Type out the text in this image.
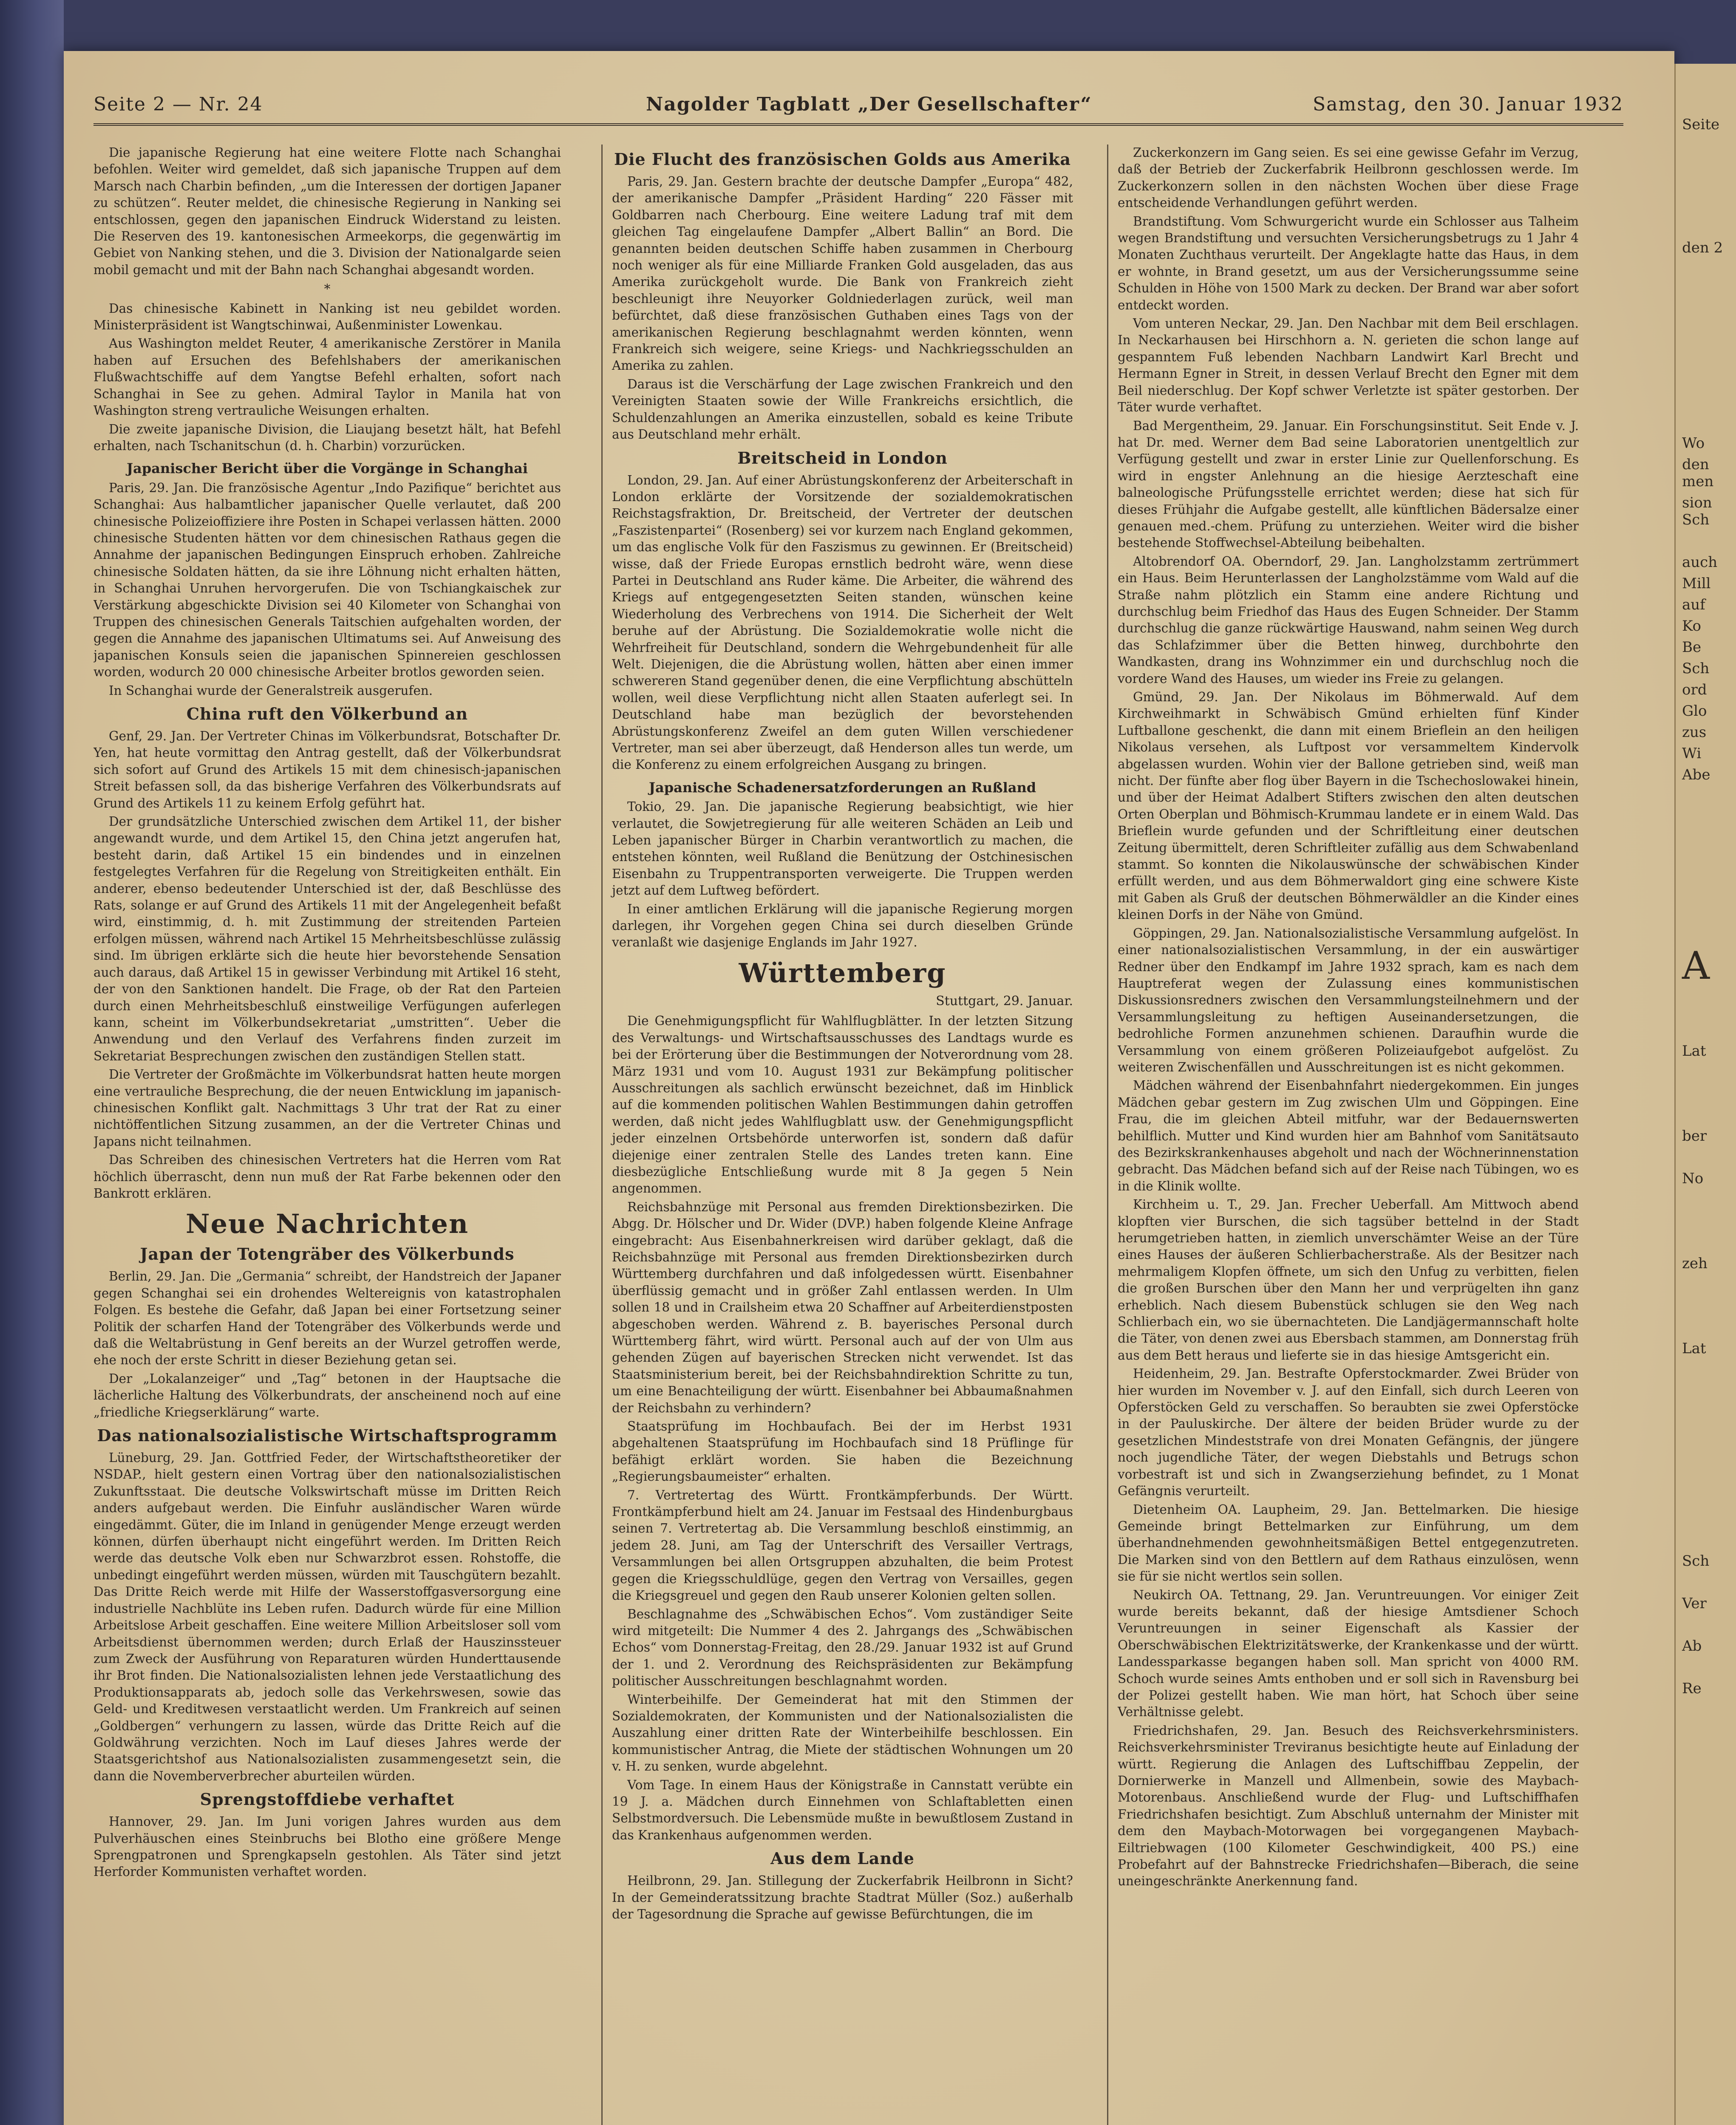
Seite 2 — Nr. 24	Nagolder Tagblatt „Der Gesellschafter“	Samstag, den 30. Januar 1932

Die japanische Regierung hat eine weitere Flotte nach Schanghai befohlen. Weiter wird gemeldet, daß sich japanische Truppen auf dem Marsch nach Charbin befinden, „um die Interessen der dortigen Japaner zu schützen“. Reuter meldet, die chinesische Regierung in Nanking sei entschlossen, gegen den japanischen Eindruck Widerstand zu leisten. Die Reserven des 19. kantonesischen Armeekorps, die gegenwärtig im Gebiet von Nanking stehen, und die 3. Division der Nationalgarde seien mobil gemacht und mit der Bahn nach Schanghai abgesandt worden.

*

Das chinesische Kabinett in Nanking ist neu gebildet worden. Ministerpräsident ist Wangtschinwai, Außenminister Lowenkau.

Aus Washington meldet Reuter, 4 amerikanische Zerstörer in Manila haben auf Ersuchen des Befehlshabers der amerikanischen Flußwachtschiffe auf dem Yangtse Befehl erhalten, sofort nach Schanghai in See zu gehen. Admiral Taylor in Manila hat von Washington streng vertrauliche Weisungen erhalten.

Die zweite japanische Division, die Liaujang besetzt hält, hat Befehl erhalten, nach Tschanitschun (d. h. Charbin) vorzurücken.

Japanischer Bericht über die Vorgänge in Schanghai

Paris, 29. Jan. Die französische Agentur „Indo Pazifique“ berichtet aus Schanghai: Aus halbamtlicher japanischer Quelle verlautet, daß 200 chinesische Polizeioffiziere ihre Posten in Schapei verlassen hätten. 2000 chinesische Studenten hätten vor dem chinesischen Rathaus gegen die Annahme der japanischen Bedingungen Einspruch erhoben. Zahlreiche chinesische Soldaten hätten, da sie ihre Löhnung nicht erhalten hätten, in Schanghai Unruhen hervorgerufen. Die von Tschiangkaischek zur Verstärkung abgeschickte Division sei 40 Kilometer von Schanghai von Truppen des chinesischen Generals Taitschien aufgehalten worden, der gegen die Annahme des japanischen Ultimatums sei. Auf Anweisung des japanischen Konsuls seien die japanischen Spinnereien geschlossen worden, wodurch 20 000 chinesische Arbeiter brotlos geworden seien.

In Schanghai wurde der Generalstreik ausgerufen.

China ruft den Völkerbund an

Genf, 29. Jan. Der Vertreter Chinas im Völkerbundsrat, Botschafter Dr. Yen, hat heute vormittag den Antrag gestellt, daß der Völkerbundsrat sich sofort auf Grund des Artikels 15 mit dem chinesisch-japanischen Streit befassen soll, da das bisherige Verfahren des Völkerbundsrats auf Grund des Artikels 11 zu keinem Erfolg geführt hat.

Der grundsätzliche Unterschied zwischen dem Artikel 11, der bisher angewandt wurde, und dem Artikel 15, den China jetzt angerufen hat, besteht darin, daß Artikel 15 ein bindendes und in einzelnen festgelegtes Verfahren für die Regelung von Streitigkeiten enthält. Ein anderer, ebenso bedeutender Unterschied ist der, daß Beschlüsse des Rats, solange er auf Grund des Artikels 11 mit der Angelegenheit befaßt wird, einstimmig, d. h. mit Zustimmung der streitenden Parteien erfolgen müssen, während nach Artikel 15 Mehrheitsbeschlüsse zulässig sind. Im übrigen erklärte sich die heute hier bevorstehende Sensation auch daraus, daß Artikel 15 in gewisser Verbindung mit Artikel 16 steht, der von den Sanktionen handelt. Die Frage, ob der Rat den Parteien durch einen Mehrheitsbeschluß einstweilige Verfügungen auferlegen kann, scheint im Völkerbundsekretariat „umstritten“. Ueber die Anwendung und den Verlauf des Verfahrens finden zurzeit im Sekretariat Besprechungen zwischen den zuständigen Stellen statt.

Die Vertreter der Großmächte im Völkerbundsrat hatten heute morgen eine vertrauliche Besprechung, die der neuen Entwicklung im japanisch-chinesischen Konflikt galt. Nachmittags 3 Uhr trat der Rat zu einer nichtöffentlichen Sitzung zusammen, an der die Vertreter Chinas und Japans nicht teilnahmen.

Das Schreiben des chinesischen Vertreters hat die Herren vom Rat höchlich überrascht, denn nun muß der Rat Farbe bekennen oder den Bankrott erklären.

Neue Nachrichten
Japan der Totengräber des Völkerbunds

Berlin, 29. Jan. Die „Germania“ schreibt, der Handstreich der Japaner gegen Schanghai sei ein drohendes Weltereignis von katastrophalen Folgen. Es bestehe die Gefahr, daß Japan bei einer Fortsetzung seiner Politik der scharfen Hand der Totengräber des Völkerbunds werde und daß die Weltabrüstung in Genf bereits an der Wurzel getroffen werde, ehe noch der erste Schritt in dieser Beziehung getan sei.

Der „Lokalanzeiger“ und „Tag“ betonen in der Hauptsache die lächerliche Haltung des Völkerbundrats, der anscheinend noch auf eine „friedliche Kriegserklärung“ warte.

Das nationalsozialistische Wirtschaftsprogramm

Lüneburg, 29. Jan. Gottfried Feder, der Wirtschaftstheoretiker der NSDAP., hielt gestern einen Vortrag über den nationalsozialistischen Zukunftsstaat. Die deutsche Volkswirtschaft müsse im Dritten Reich anders aufgebaut werden. Die Einfuhr ausländischer Waren würde eingedämmt. Güter, die im Inland in genügender Menge erzeugt werden können, dürfen überhaupt nicht eingeführt werden. Im Dritten Reich werde das deutsche Volk eben nur Schwarzbrot essen. Rohstoffe, die unbedingt eingeführt werden müssen, würden mit Tauschgütern bezahlt. Das Dritte Reich werde mit Hilfe der Wasserstoffgasversorgung eine industrielle Nachblüte ins Leben rufen. Dadurch würde für eine Million Arbeitslose Arbeit geschaffen. Eine weitere Million Arbeitsloser soll vom Arbeitsdienst übernommen werden; durch Erlaß der Hauszinssteuer zum Zweck der Ausführung von Reparaturen würden Hunderttausende ihr Brot finden. Die Nationalsozialisten lehnen jede Verstaatlichung des Produktionsapparats ab, jedoch solle das Verkehrswesen, sowie das Geld- und Kreditwesen verstaatlicht werden. Um Frankreich auf seinen „Goldbergen“ verhungern zu lassen, würde das Dritte Reich auf die Goldwährung verzichten. Noch im Lauf dieses Jahres werde der Staatsgerichtshof aus Nationalsozialisten zusammengesetzt sein, die dann die Novemberverbrecher aburteilen würden.

Sprengstoffdiebe verhaftet

Hannover, 29. Jan. Im Juni vorigen Jahres wurden aus dem Pulverhäuschen eines Steinbruchs bei Blotho eine größere Menge Sprengpatronen und Sprengkapseln gestohlen. Als Täter sind jetzt Herforder Kommunisten verhaftet worden.

Die Flucht des französischen Golds aus Amerika

Paris, 29. Jan. Gestern brachte der deutsche Dampfer „Europa“ 482, der amerikanische Dampfer „Präsident Harding“ 220 Fässer mit Goldbarren nach Cherbourg. Eine weitere Ladung traf mit dem gleichen Tag eingelaufene Dampfer „Albert Ballin“ an Bord. Die genannten beiden deutschen Schiffe haben zusammen in Cherbourg noch weniger als für eine Milliarde Franken Gold ausgeladen, das aus Amerika zurückgeholt wurde. Die Bank von Frankreich zieht beschleunigt ihre Neuyorker Goldniederlagen zurück, weil man befürchtet, daß diese französischen Guthaben eines Tags von der amerikanischen Regierung beschlagnahmt werden könnten, wenn Frankreich sich weigere, seine Kriegs- und Nachkriegsschulden an Amerika zu zahlen.

Daraus ist die Verschärfung der Lage zwischen Frankreich und den Vereinigten Staaten sowie der Wille Frankreichs ersichtlich, die Schuldenzahlungen an Amerika einzustellen, sobald es keine Tribute aus Deutschland mehr erhält.

Breitscheid in London

London, 29. Jan. Auf einer Abrüstungskonferenz der Arbeiterschaft in London erklärte der Vorsitzende der sozialdemokratischen Reichstagsfraktion, Dr. Breitscheid, der Vertreter der deutschen „Faszistenpartei“ (Rosenberg) sei vor kurzem nach England gekommen, um das englische Volk für den Faszismus zu gewinnen. Er (Breitscheid) wisse, daß der Friede Europas ernstlich bedroht wäre, wenn diese Partei in Deutschland ans Ruder käme. Die Arbeiter, die während des Kriegs auf entgegengesetzten Seiten standen, wünschen keine Wiederholung des Verbrechens von 1914. Die Sicherheit der Welt beruhe auf der Abrüstung. Die Sozialdemokratie wolle nicht die Wehrfreiheit für Deutschland, sondern die Wehrgebundenheit für alle Welt. Diejenigen, die die Abrüstung wollen, hätten aber einen immer schwereren Stand gegenüber denen, die eine Verpflichtung abschütteln wollen, weil diese Verpflichtung nicht allen Staaten auferlegt sei. In Deutschland habe man bezüglich der bevorstehenden Abrüstungskonferenz Zweifel an dem guten Willen verschiedener Vertreter, man sei aber überzeugt, daß Henderson alles tun werde, um die Konferenz zu einem erfolgreichen Ausgang zu bringen.

Japanische Schadenersatzforderungen an Rußland

Tokio, 29. Jan. Die japanische Regierung beabsichtigt, wie hier verlautet, die Sowjetregierung für alle weiteren Schäden an Leib und Leben japanischer Bürger in Charbin verantwortlich zu machen, die entstehen könnten, weil Rußland die Benützung der Ostchinesischen Eisenbahn zu Truppentransporten verweigerte. Die Truppen werden jetzt auf dem Luftweg befördert.

In einer amtlichen Erklärung will die japanische Regierung morgen darlegen, ihr Vorgehen gegen China sei durch dieselben Gründe veranlaßt wie dasjenige Englands im Jahr 1927.

Württemberg
Stuttgart, 29. Januar.

Die Genehmigungspflicht für Wahlflugblätter. In der letzten Sitzung des Verwaltungs- und Wirtschaftsausschusses des Landtags wurde es bei der Erörterung über die Bestimmungen der Notverordnung vom 28. März 1931 und vom 10. August 1931 zur Bekämpfung politischer Ausschreitungen als sachlich erwünscht bezeichnet, daß im Hinblick auf die kommenden politischen Wahlen Bestimmungen dahin getroffen werden, daß nicht jedes Wahlflugblatt usw. der Genehmigungspflicht jeder einzelnen Ortsbehörde unterworfen ist, sondern daß dafür diejenige einer zentralen Stelle des Landes treten kann. Eine diesbezügliche Entschließung wurde mit 8 Ja gegen 5 Nein angenommen.

Reichsbahnzüge mit Personal aus fremden Direktionsbezirken. Die Abgg. Dr. Hölscher und Dr. Wider (DVP.) haben folgende Kleine Anfrage eingebracht: Aus Eisenbahnerkreisen wird darüber geklagt, daß die Reichsbahnzüge mit Personal aus fremden Direktionsbezirken durch Württemberg durchfahren und daß infolgedessen württ. Eisenbahner überflüssig gemacht und in größer Zahl entlassen werden. In Ulm sollen 18 und in Crailsheim etwa 20 Schaffner auf Arbeiterdienstposten abgeschoben werden. Während z. B. bayerisches Personal durch Württemberg fährt, wird württ. Personal auch auf der von Ulm aus gehenden Zügen auf bayerischen Strecken nicht verwendet. Ist das Staatsministerium bereit, bei der Reichsbahndirektion Schritte zu tun, um eine Benachteiligung der württ. Eisenbahner bei Abbaumaßnahmen der Reichsbahn zu verhindern?

Staatsprüfung im Hochbaufach. Bei der im Herbst 1931 abgehaltenen Staatsprüfung im Hochbaufach sind 18 Prüflinge für befähigt erklärt worden. Sie haben die Bezeichnung „Regierungsbaumeister“ erhalten.

7. Vertretertag des Württ. Frontkämpferbunds. Der Württ. Frontkämpferbund hielt am 24. Januar im Festsaal des Hindenburgbaus seinen 7. Vertretertag ab. Die Versammlung beschloß einstimmig, an jedem 28. Juni, am Tag der Unterschrift des Versailler Vertrags, Versammlungen bei allen Ortsgruppen abzuhalten, die beim Protest gegen die Kriegsschuldlüge, gegen den Vertrag von Versailles, gegen die Kriegsgreuel und gegen den Raub unserer Kolonien gelten sollen.

Beschlagnahme des „Schwäbischen Echos“. Vom zuständiger Seite wird mitgeteilt: Die Nummer 4 des 2. Jahrgangs des „Schwäbischen Echos“ vom Donnerstag-Freitag, den 28./29. Januar 1932 ist auf Grund der 1. und 2. Verordnung des Reichspräsidenten zur Bekämpfung politischer Ausschreitungen beschlagnahmt worden.

Winterbeihilfe. Der Gemeinderat hat mit den Stimmen der Sozialdemokraten, der Kommunisten und der Nationalsozialisten die Auszahlung einer dritten Rate der Winterbeihilfe beschlossen. Ein kommunistischer Antrag, die Miete der städtischen Wohnungen um 20 v. H. zu senken, wurde abgelehnt.

Vom Tage. In einem Haus der Königstraße in Cannstatt verübte ein 19 J. a. Mädchen durch Einnehmen von Schlaftabletten einen Selbstmordversuch. Die Lebensmüde mußte in bewußtlosem Zustand in das Krankenhaus aufgenommen werden.

Aus dem Lande

Heilbronn, 29. Jan. Stillegung der Zuckerfabrik Heilbronn in Sicht? In der Gemeinderatssitzung brachte Stadtrat Müller (Soz.) außerhalb der Tagesordnung die Sprache auf gewisse Befürchtungen, die im

Zuckerkonzern im Gang seien. Es sei eine gewisse Gefahr im Verzug, daß der Betrieb der Zuckerfabrik Heilbronn geschlossen werde. Im Zuckerkonzern sollen in den nächsten Wochen über diese Frage entscheidende Verhandlungen geführt werden.

Brandstiftung. Vom Schwurgericht wurde ein Schlosser aus Talheim wegen Brandstiftung und versuchten Versicherungsbetrugs zu 1 Jahr 4 Monaten Zuchthaus verurteilt. Der Angeklagte hatte das Haus, in dem er wohnte, in Brand gesetzt, um aus der Versicherungssumme seine Schulden in Höhe von 1500 Mark zu decken. Der Brand war aber sofort entdeckt worden.

Vom unteren Neckar, 29. Jan. Den Nachbar mit dem Beil erschlagen. In Neckarhausen bei Hirschhorn a. N. gerieten die schon lange auf gespanntem Fuß lebenden Nachbarn Landwirt Karl Brecht und Hermann Egner in Streit, in dessen Verlauf Brecht den Egner mit dem Beil niederschlug. Der Kopf schwer Verletzte ist später gestorben. Der Täter wurde verhaftet.

Bad Mergentheim, 29. Januar. Ein Forschungsinstitut. Seit Ende v. J. hat Dr. med. Werner dem Bad seine Laboratorien unentgeltlich zur Verfügung gestellt und zwar in erster Linie zur Quellenforschung. Es wird in engster Anlehnung an die hiesige Aerzteschaft eine balneologische Prüfungsstelle errichtet werden; diese hat sich für dieses Frühjahr die Aufgabe gestellt, alle künftlichen Bädersalze einer genauen med.-chem. Prüfung zu unterziehen. Weiter wird die bisher bestehende Stoffwechsel-Abteilung beibehalten.

Altobrendorf OA. Oberndorf, 29. Jan. Langholzstamm zertrümmert ein Haus. Beim Herunterlassen der Langholzstämme vom Wald auf die Straße nahm plötzlich ein Stamm eine andere Richtung und durchschlug beim Friedhof das Haus des Eugen Schneider. Der Stamm durchschlug die ganze rückwärtige Hauswand, nahm seinen Weg durch das Schlafzimmer über die Betten hinweg, durchbohrte den Wandkasten, drang ins Wohnzimmer ein und durchschlug noch die vordere Wand des Hauses, um wieder ins Freie zu gelangen.

Gmünd, 29. Jan. Der Nikolaus im Böhmerwald. Auf dem Kirchweihmarkt in Schwäbisch Gmünd erhielten fünf Kinder Luftballone geschenkt, die dann mit einem Brieflein an den heiligen Nikolaus versehen, als Luftpost vor versammeltem Kindervolk abgelassen wurden. Wohin vier der Ballone getrieben sind, weiß man nicht. Der fünfte aber flog über Bayern in die Tschechoslowakei hinein, und über der Heimat Adalbert Stifters zwischen den alten deutschen Orten Oberplan und Böhmisch-Krummau landete er in einem Wald. Das Brieflein wurde gefunden und der Schriftleitung einer deutschen Zeitung übermittelt, deren Schriftleiter zufällig aus dem Schwabenland stammt. So konnten die Nikolauswünsche der schwäbischen Kinder erfüllt werden, und aus dem Böhmerwaldort ging eine schwere Kiste mit Gaben als Gruß der deutschen Böhmerwäldler an die Kinder eines kleinen Dorfs in der Nähe von Gmünd.

Göppingen, 29. Jan. Nationalsozialistische Versammlung aufgelöst. In einer nationalsozialistischen Versammlung, in der ein auswärtiger Redner über den Endkampf im Jahre 1932 sprach, kam es nach dem Hauptreferat wegen der Zulassung eines kommunistischen Diskussionsredners zwischen den Versammlungsteilnehmern und der Versammlungsleitung zu heftigen Auseinandersetzungen, die bedrohliche Formen anzunehmen schienen. Daraufhin wurde die Versammlung von einem größeren Polizeiaufgebot aufgelöst. Zu weiteren Zwischenfällen und Ausschreitungen ist es nicht gekommen.

Mädchen während der Eisenbahnfahrt niedergekommen. Ein junges Mädchen gebar gestern im Zug zwischen Ulm und Göppingen. Eine Frau, die im gleichen Abteil mitfuhr, war der Bedauernswerten behilflich. Mutter und Kind wurden hier am Bahnhof vom Sanitätsauto des Bezirkskrankenhauses abgeholt und nach der Wöchnerinnenstation gebracht. Das Mädchen befand sich auf der Reise nach Tübingen, wo es in die Klinik wollte.

Kirchheim u. T., 29. Jan. Frecher Ueberfall. Am Mittwoch abend klopften vier Burschen, die sich tagsüber bettelnd in der Stadt herumgetrieben hatten, in ziemlich unverschämter Weise an der Türe eines Hauses der äußeren Schlierbacherstraße. Als der Besitzer nach mehrmaligem Klopfen öffnete, um sich den Unfug zu verbitten, fielen die großen Burschen über den Mann her und verprügelten ihn ganz erheblich. Nach diesem Bubenstück schlugen sie den Weg nach Schlierbach ein, wo sie übernachteten. Die Landjägermannschaft holte die Täter, von denen zwei aus Ebersbach stammen, am Donnerstag früh aus dem Bett heraus und lieferte sie in das hiesige Amtsgericht ein.

Heidenheim, 29. Jan. Bestrafte Opferstockmarder. Zwei Brüder von hier wurden im November v. J. auf den Einfall, sich durch Leeren von Opferstöcken Geld zu verschaffen. So beraubten sie zwei Opferstöcke in der Pauluskirche. Der ältere der beiden Brüder wurde zu der gesetzlichen Mindeststrafe von drei Monaten Gefängnis, der jüngere noch jugendliche Täter, der wegen Diebstahls und Betrugs schon vorbestraft ist und sich in Zwangserziehung befindet, zu 1 Monat Gefängnis verurteilt.

Dietenheim OA. Laupheim, 29. Jan. Bettelmarken. Die hiesige Gemeinde bringt Bettelmarken zur Einführung, um dem überhandnehmenden gewohnheitsmäßigen Bettel entgegenzutreten. Die Marken sind von den Bettlern auf dem Rathaus einzulösen, wenn sie für sie nicht wertlos sein sollen.

Neukirch OA. Tettnang, 29. Jan. Veruntreuungen. Vor einiger Zeit wurde bereits bekannt, daß der hiesige Amtsdiener Schoch Veruntreuungen in seiner Eigenschaft als Kassier der Oberschwäbischen Elektrizitätswerke, der Krankenkasse und der württ. Landessparkasse begangen haben soll. Man spricht von 4000 RM. Schoch wurde seines Amts enthoben und er soll sich in Ravensburg bei der Polizei gestellt haben. Wie man hört, hat Schoch über seine Verhältnisse gelebt.

Friedrichshafen, 29. Jan. Besuch des Reichsverkehrsministers. Reichsverkehrsminister Treviranus besichtigte heute auf Einladung der württ. Regierung die Anlagen des Luftschiffbau Zeppelin, der Dornierwerke in Manzell und Allmenbein, sowie des Maybach-Motorenbaus. Anschließend wurde der Flug- und Luftschiffhafen Friedrichshafen besichtigt. Zum Abschluß unternahm der Minister mit dem den Maybach-Motorwagen bei vorgegangenen Maybach-Eiltriebwagen (100 Kilometer Geschwindigkeit, 400 PS.) eine Probefahrt auf der Bahnstrecke Friedrichshafen—Biberach, die seine uneingeschränkte Anerkennung fand.

Seite
den 2
Wo
den
men
sion
Sch
auch
Mill
auf
Ko
Be
Sch
ord
Glo
zus
Wi
Abe
A
Lat
ber
No
zeh
Lat
Sch
Ver
Ab
Re
